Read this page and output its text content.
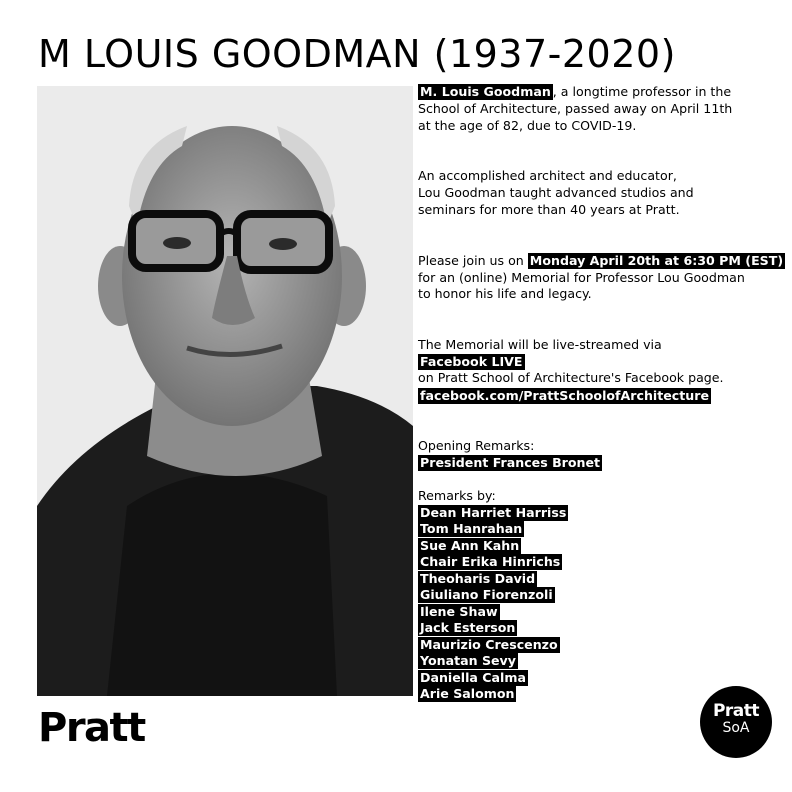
M LOUIS GOODMAN (1937-2020)

M. Louis Goodman , a longtime professor in the
School of Architecture, passed away on April 11th
at the age of 82, due to COVID-19.

An accomplished architect and educator,
Lou Goodman taught advanced studios and
seminars for more than 40 years at Pratt.

Please join us on Monday April 20th at 6:30 PM (EST)
for an (online) Memorial for Professor Lou Goodman
to honor his life and legacy.

The Memorial will be live-streamed via
Facebook LIVE
on Pratt School of Architecture's Facebook page.
facebook.com/PrattSchoolofArchitecture

Opening Remarks:
President Frances Bronet

Remarks by:
Dean Harriet Harriss
Tom Hanrahan
Sue Ann Kahn
Chair Erika Hinrichs
Theoharis David
Giuliano Fiorenzoli
Ilene Shaw
Jack Esterson
Maurizio Crescenzo
Yonatan Sevy
Daniella Calma
Arie Salomon
Pratt	Pratt
SoA
